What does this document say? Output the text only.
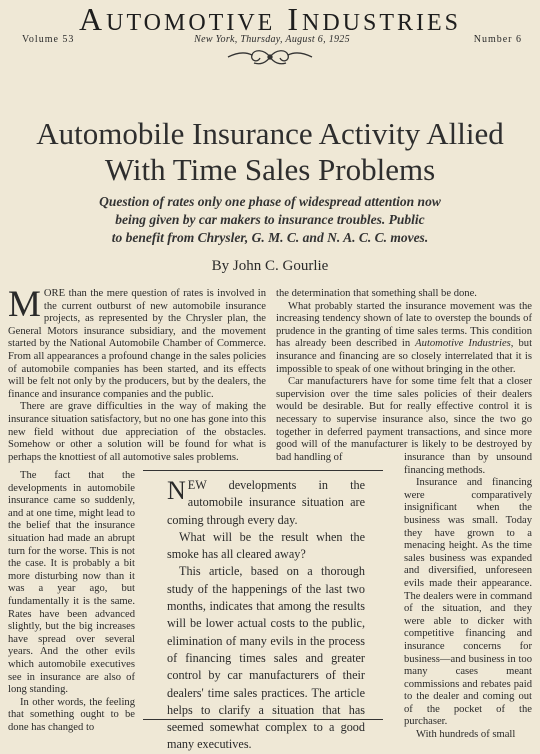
AUTOMOTIVE INDUSTRIES
Volume 53	New York, Thursday, August 6, 1925	Number 6
Automobile Insurance Activity Allied
With Time Sales Problems
Question of rates only one phase of widespread attention now
being given by car makers to insurance troubles. Public
to benefit from Chrysler, G. M. C. and N. A. C. C. moves.
By John C. Gourlie

MORE than the mere question of rates is involved in the current outburst of new automobile insurance projects, as represented by the Chrysler plan, the General Motors insurance subsidiary, and the movement started by the National Automobile Chamber of Commerce. From all appearances a profound change in the sales policies of automobile companies has been started, and its effects will be felt not only by the producers, but by the dealers, the finance and insurance companies and the public.

There are grave difficulties in the way of making the insurance situation satisfactory, but no one has gone into this new field without due appreciation of the obstacles. Somehow or other a solution will be found for what is perhaps the knottiest of all automotive sales problems.

The fact that the developments in automobile insurance came so suddenly, and at one time, might lead to the belief that the insurance situation had made an abrupt turn for the worse. This is not the case. It is probably a bit more disturbing now than it was a year ago, but fundamentally it is the same. Rates have been advanced slightly, but the big increases have spread over several years. And the other evils which automobile executives see in insurance are also of long standing.

In other words, the feeling that something ought to be done has changed to

the determination that something shall be done.

What probably started the insurance movement was the increasing tendency shown of late to overstep the bounds of prudence in the granting of time sales terms. This condition has already been described in Automotive Industries, but insurance and financing are so closely interrelated that it is impossible to speak of one without bringing in the other.

Car manufacturers have for some time felt that a closer supervision over the time sales policies of their dealers would be desirable. But for really effective control it is necessary to supervise insurance also, since the two go together in deferred payment transactions, and since more good will of the manufacturer is likely to be destroyed by bad handling of	insurance than by unsound financing methods.

Insurance and financing were comparatively insignificant when the business was small. Today they have grown to a menacing height. As the time sales business was expanded and diversified, unforeseen evils made their appearance. The dealers were in command of the situation, and they were able to dicker with competitive financing and insurance concerns for business—and business in too many cases meant commissions and rebates paid to the dealer and coming out of the pocket of the purchaser.

With hundreds of small

NEW developments in the automobile insurance situation are coming through every day.

What will be the result when the smoke has all cleared away?

This article, based on a thorough study of the happenings of the last two months, indicates that among the results will be lower actual costs to the public, elimination of many evils in the process of financing times sales and greater control by car manufacturers of their dealers' time sales practices. The article helps to clarify a situation that has seemed somewhat complex to a good many executives.
